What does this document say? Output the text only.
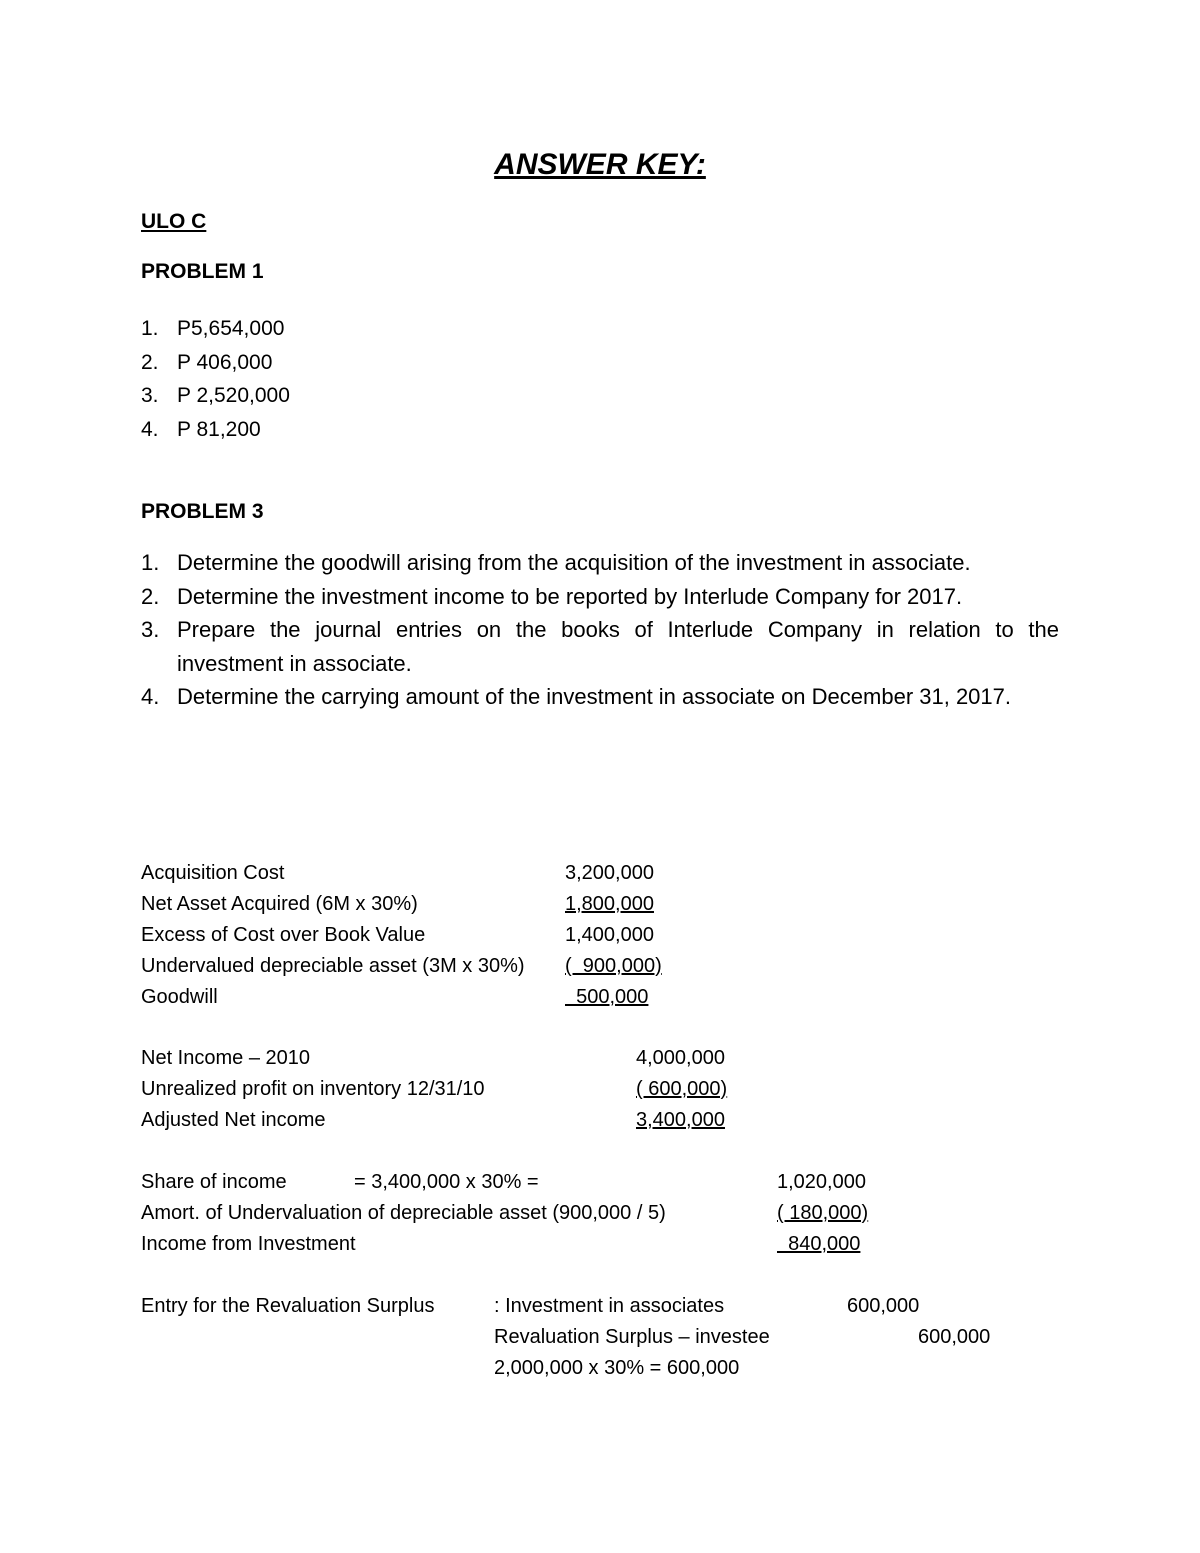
ANSWER KEY:
ULO C
PROBLEM 1
1. P5,654,000
2. P 406,000
3. P 2,520,000
4. P 81,200
PROBLEM 3
1. Determine the goodwill arising from the acquisition of the investment in associate.
2. Determine the investment income to be reported by Interlude Company for 2017.
3. Prepare the journal entries on the books of Interlude Company in relation to the investment in associate.
4. Determine the carrying amount of the investment in associate on December 31, 2017.
Acquisition Cost	3,200,000
Net Asset Acquired (6M x 30%)	1,800,000
Excess of Cost over Book Value	1,400,000
Undervalued depreciable asset (3M x 30%) (  900,000)
Goodwill	500,000
Net Income – 2010	4,000,000
Unrealized profit on inventory 12/31/10	( 600,000)
Adjusted Net income	3,400,000
Share of income	= 3,400,000 x 30% =	1,020,000
Amort. of Undervaluation of depreciable asset (900,000 / 5)	( 180,000)
Income from Investment	840,000
Entry for the Revaluation Surplus	: Investment in associates	600,000
Revaluation Surplus – investee	600,000
2,000,000 x 30% = 600,000
